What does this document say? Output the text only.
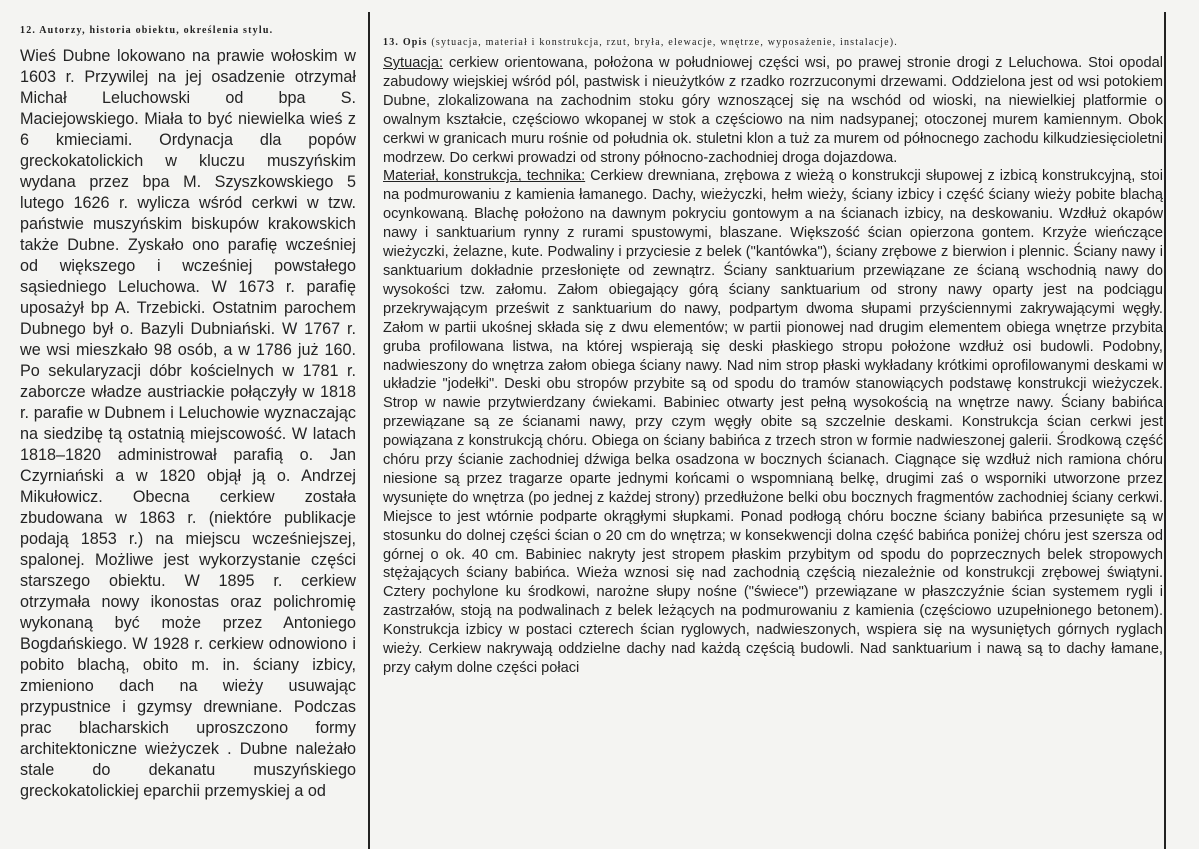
12. Autorzy, historia obiektu, określenia stylu.
Wieś Dubne lokowano na prawie wołoskim w 1603 r. Przywilej na jej osadzenie otrzymał Michał Leluchowski od bpa S. Maciejowskiego. Miała to być niewielka wieś z 6 kmieciami. Ordynacja dla popów greckokatolickich w kluczu muszyńskim wydana przez bpa M. Szyszkowskiego 5 lutego 1626 r. wylicza wśród cerkwi w tzw. państwie muszyńskim biskupów krakowskich także Dubne. Zyskało ono parafię wcześniej od większego i wcześniej powstałego sąsiedniego Leluchowa. W 1673 r. parafię uposażył bp A. Trzebicki. Ostatnim parochem Dubnego był o. Bazyli Dubniański. W 1767 r. we wsi mieszkało 98 osób, a w 1786 już 160. Po sekularyzacji dóbr kościelnych w 1781 r. zaborcze władze austriackie połączyły w 1818 r. parafie w Dubnem i Leluchowie wyznaczając na siedzibę tą ostatnią miejscowość. W latach 1818–1820 administrował parafią o. Jan Czyrniański a w 1820 objął ją o. Andrzej Mikułowicz. Obecna cerkiew została zbudowana w 1863 r. (niektóre publikacje podają 1853 r.) na miejscu wcześniejszej, spalonej. Możliwe jest wykorzystanie części starszego obiektu. W 1895 r. cerkiew otrzymała nowy ikonostas oraz polichromię wykonaną być może przez Antoniego Bogdańskiego. W 1928 r. cerkiew odnowiono i pobito blachą, obito m. in. ściany izbicy, zmieniono dach na wieży usuwając przypustnice i gzymsy drewniane. Podczas prac blacharskich uproszczono formy architektoniczne wieżyczek . Dubne należało stale do dekanatu muszyńskiego greckokatolickiej eparchii przemyskiej a od
13. Opis (sytuacja, materiał i konstrukcja, rzut, bryła, elewacje, wnętrze, wyposażenie, instalacje).

Sytuacja: cerkiew orientowana, położona w południowej części wsi, po prawej stronie drogi z Leluchowa. Stoi opodal zabudowy wiejskiej wśród pól, pastwisk i nieużytków z rzadko rozrzuconymi drzewami. Oddzielona jest od wsi potokiem Dubne, zlokalizowana na zachodnim stoku góry wznoszącej się na wschód od wioski, na niewielkiej platformie o owalnym kształcie, częściowo wkopanej w stok a częściowo na nim nadsypanej; otoczonej murem kamiennym. Obok cerkwi w granicach muru rośnie od południa ok. stuletni klon a tuż za murem od północnego zachodu kilkudziesięcioletni modrzew. Do cerkwi prowadzi od strony północno-zachodniej droga dojazdowa.

Materiał, konstrukcja, technika: Cerkiew drewniana, zrębowa z wieżą o konstrukcji słupowej z izbicą konstrukcyjną, stoi na podmurowaniu z kamienia łamanego. Dachy, wieżyczki, hełm wieży, ściany izbicy i część ściany wieży pobite blachą ocynkowaną. Blachę położono na dawnym pokryciu gontowym a na ścianach izbicy, na deskowaniu. Wzdłuż okapów nawy i sanktuarium rynny z rurami spustowymi, blaszane. Większość ścian opierzona gontem. Krzyże wieńczące wieżyczki, żelazne, kute. Podwaliny i przyciesie z belek ("kantówka"), ściany zrębowe z bierwion i plennic. Ściany nawy i sanktuarium dokładnie przesłonięte od zewnątrz. Ściany sanktuarium przewiązane ze ścianą wschodnią nawy do wysokości tzw. załomu. Załom obiegający górą ściany sanktuarium od strony nawy oparty jest na podciągu przekrywającym prześwit z sanktuarium do nawy, podpartym dwoma słupami przyściennymi zakrywającymi węgły. Załom w partii ukośnej składa się z dwu elementów; w partii pionowej nad drugim elementem obiega wnętrze przybita gruba profilowana listwa, na której wspierają się deski płaskiego stropu położone wzdłuż osi budowli. Podobny, nadwieszony do wnętrza załom obiega ściany nawy. Nad nim strop płaski wykładany krótkimi oprofilowanymi deskami w układzie "jodełki". Deski obu stropów przybite są od spodu do tramów stanowiących podstawę konstrukcji wieżyczek. Strop w nawie przytwierdzany ćwiekami. Babiniec otwarty jest pełną wysokością na wnętrze nawy. Ściany babińca przewiązane są ze ścianami nawy, przy czym węgły obite są szczelnie deskami. Konstrukcja ścian cerkwi jest powiązana z konstrukcją chóru. Obiega on ściany babińca z trzech stron w formie nadwieszonej galerii. Środkową część chóru przy ścianie zachodniej dźwiga belka osadzona w bocznych ścianach. Ciągnące się wzdłuż nich ramiona chóru niesione są przez tragarze oparte jednymi końcami o wspomnianą belkę, drugimi zaś o wsporniki utworzone przez wysunięte do wnętrza (po jednej z każdej strony) przedłużone belki obu bocznych fragmentów zachodniej ściany cerkwi. Miejsce to jest wtórnie podparte okrągłymi słupkami. Ponad podłogą chóru boczne ściany babińca przesunięte są w stosunku do dolnej części ścian o 20 cm do wnętrza; w konsekwencji dolna część babińca poniżej chóru jest szersza od górnej o ok. 40 cm. Babiniec nakryty jest stropem płaskim przybitym od spodu do poprzecznych belek stropowych stężających ściany babińca. Wieża wznosi się nad zachodnią częścią niezależnie od konstrukcji zrębowej świątyni. Cztery pochylone ku środkowi, narożne słupy nośne ("świece") przewiązane w płaszczyźnie ścian systemem rygli i zastrzałów, stoją na podwalinach z belek leżących na podmurowaniu z kamienia (częściowo uzupełnionego betonem). Konstrukcja izbicy w postaci czterech ścian ryglowych, nadwieszonych, wspiera się na wysuniętych górnych ryglach wieży. Cerkiew nakrywają oddzielne dachy nad każdą częścią budowli. Nad sanktuarium i nawą są to dachy łamane, przy całym dolne części połaci
